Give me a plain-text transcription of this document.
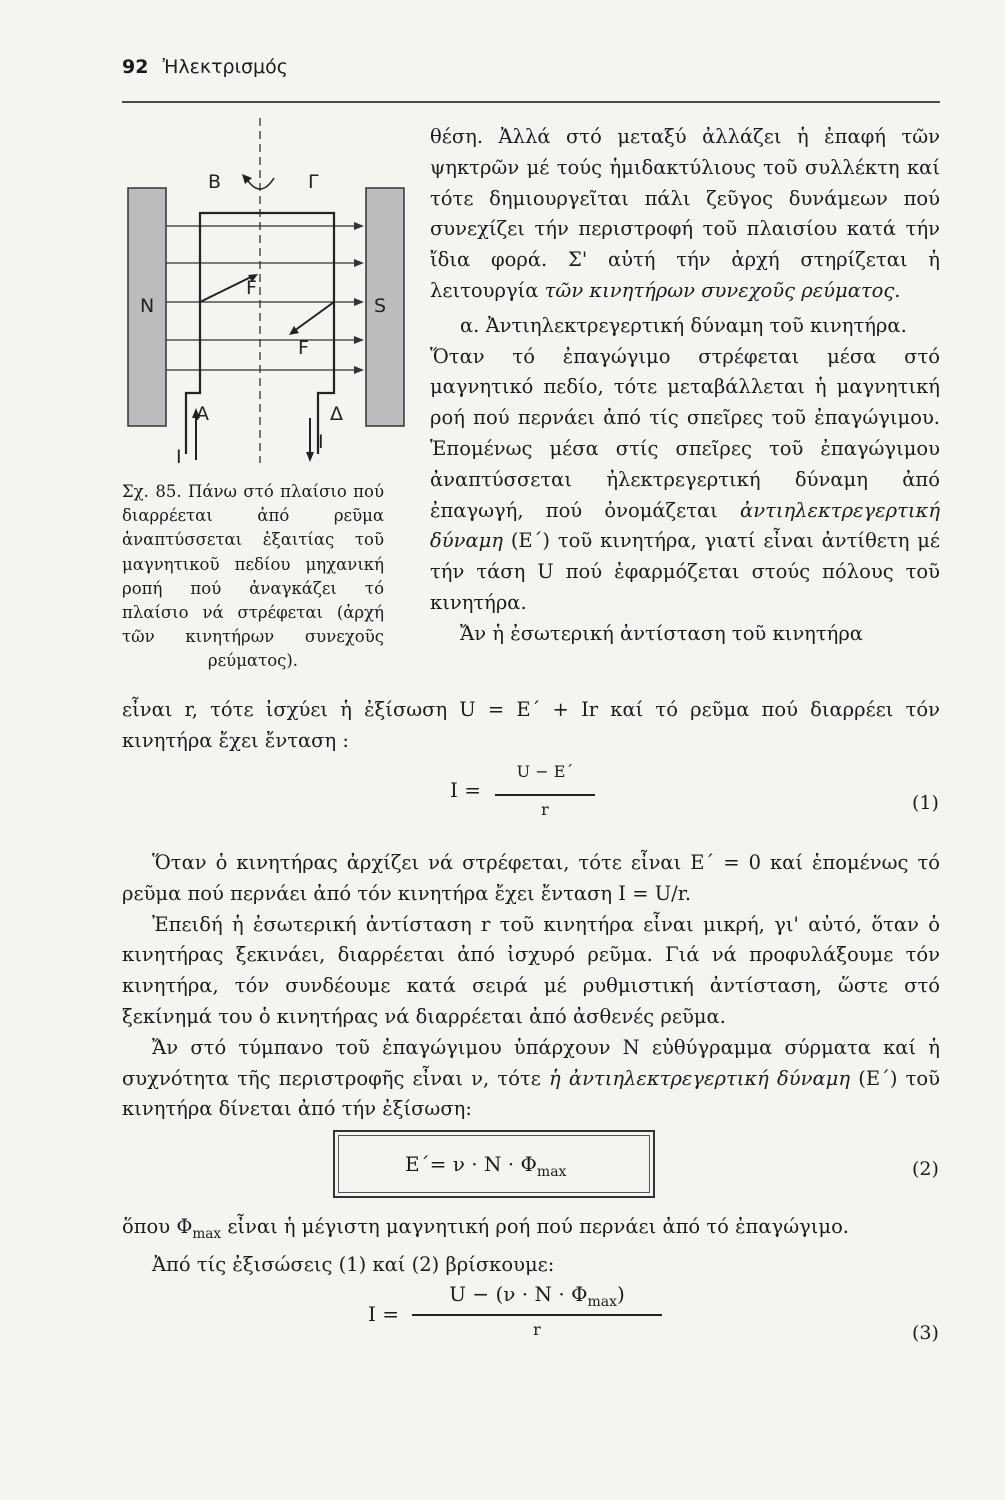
92 Ἠλεκτρισμός
B	Γ
N	S
F
F
A	Δ
I
I
Σχ. 85. Πάνω στό πλαίσιο πού διαρρέεται ἀπό ρεῦμα ἀναπτύσσεται ἐξαιτίας τοῦ μαγνητικοῦ πεδίου μηχανική ροπή πού ἀναγκάζει τό πλαίσιο νά στρέφεται (ἀρχή τῶν κινητήρων συνεχοῦς ρεύματος).

θέση. Ἀλλά στό μεταξύ ἀλλάζει ἡ ἐπαφή τῶν ψηκτρῶν μέ τούς ἡμιδακτύλιους τοῦ συλλέκτη καί τότε δημιουργεῖται πάλι ζεῦγος δυνάμεων πού συνεχίζει τήν περιστροφή τοῦ πλαισίου κατά τήν ἴδια φορά. Σ' αὐτή τήν ἀρχή στηρίζεται ἡ λειτουργία τῶν κινητήρων συνεχοῦς ρεύματος.

α. Ἀντιηλεκτρεγερτική δύναμη τοῦ κινητήρα.

Ὅταν τό ἐπαγώγιμο στρέφεται μέσα στό μαγνητικό πεδίο, τότε μεταβάλλεται ἡ μαγνητική ροή πού περνάει ἀπό τίς σπεῖρες τοῦ ἐπαγώγιμου. Ἑπομένως μέσα στίς σπεῖρες τοῦ ἐπαγώγιμου ἀναπτύσσεται ἠλεκτρεγερτική δύναμη ἀπό ἐπαγωγή, πού ὀνομάζεται ἀντιηλεκτρεγερτική δύναμη (E΄) τοῦ κινητήρα, γιατί εἶναι ἀντίθετη μέ τήν τάση U πού ἐφαρμόζεται στούς πόλους τοῦ κινητήρα.

Ἄν ἡ ἐσωτερική ἀντίσταση τοῦ κινητήρα

εἶναι r, τότε ἰσχύει ἡ ἐξίσωση U = E΄ + Ir καί τό ρεῦμα πού διαρρέει τόν κινητήρα ἔχει ἔνταση :

I =
U − E΄
r	(1)

Ὅταν ὁ κινητήρας ἀρχίζει νά στρέφεται, τότε εἶναι E΄ = 0 καί ἑπομένως τό ρεῦμα πού περνάει ἀπό τόν κινητήρα ἔχει ἔνταση I = U/r.

Ἐπειδή ἡ ἐσωτερική ἀντίσταση r τοῦ κινητήρα εἶναι μικρή, γι' αὐτό, ὅταν ὁ κινητήρας ξεκινάει, διαρρέεται ἀπό ἰσχυρό ρεῦμα. Γιά νά προφυλάξουμε τόν κινητήρα, τόν συνδέουμε κατά σειρά μέ ρυθμιστική ἀντίσταση, ὥστε στό ξεκίνημά του ὁ κινητήρας νά διαρρέεται ἀπό ἀσθενές ρεῦμα.

Ἄν στό τύμπανο τοῦ ἐπαγώγιμου ὑπάρχουν N εὐθύγραμμα σύρματα καί ἡ συχνότητα τῆς περιστροφῆς εἶναι ν, τότε ἡ ἀντιηλεκτρεγερτική δύναμη (E΄) τοῦ κινητήρα δίνεται ἀπό τήν ἐξίσωση:

$E΄= \nu \cdot N \cdot \Phi_{max}$	(2)

ὅπου $\Phi_{max}$ εἶναι ἡ μέγιστη μαγνητική ροή πού περνάει ἀπό τό ἐπαγώγιμο.

Ἀπό τίς ἐξισώσεις (1) καί (2) βρίσκουμε:

I =
$U - (\nu \cdot N \cdot \Phi_{max})$
r	(3)
